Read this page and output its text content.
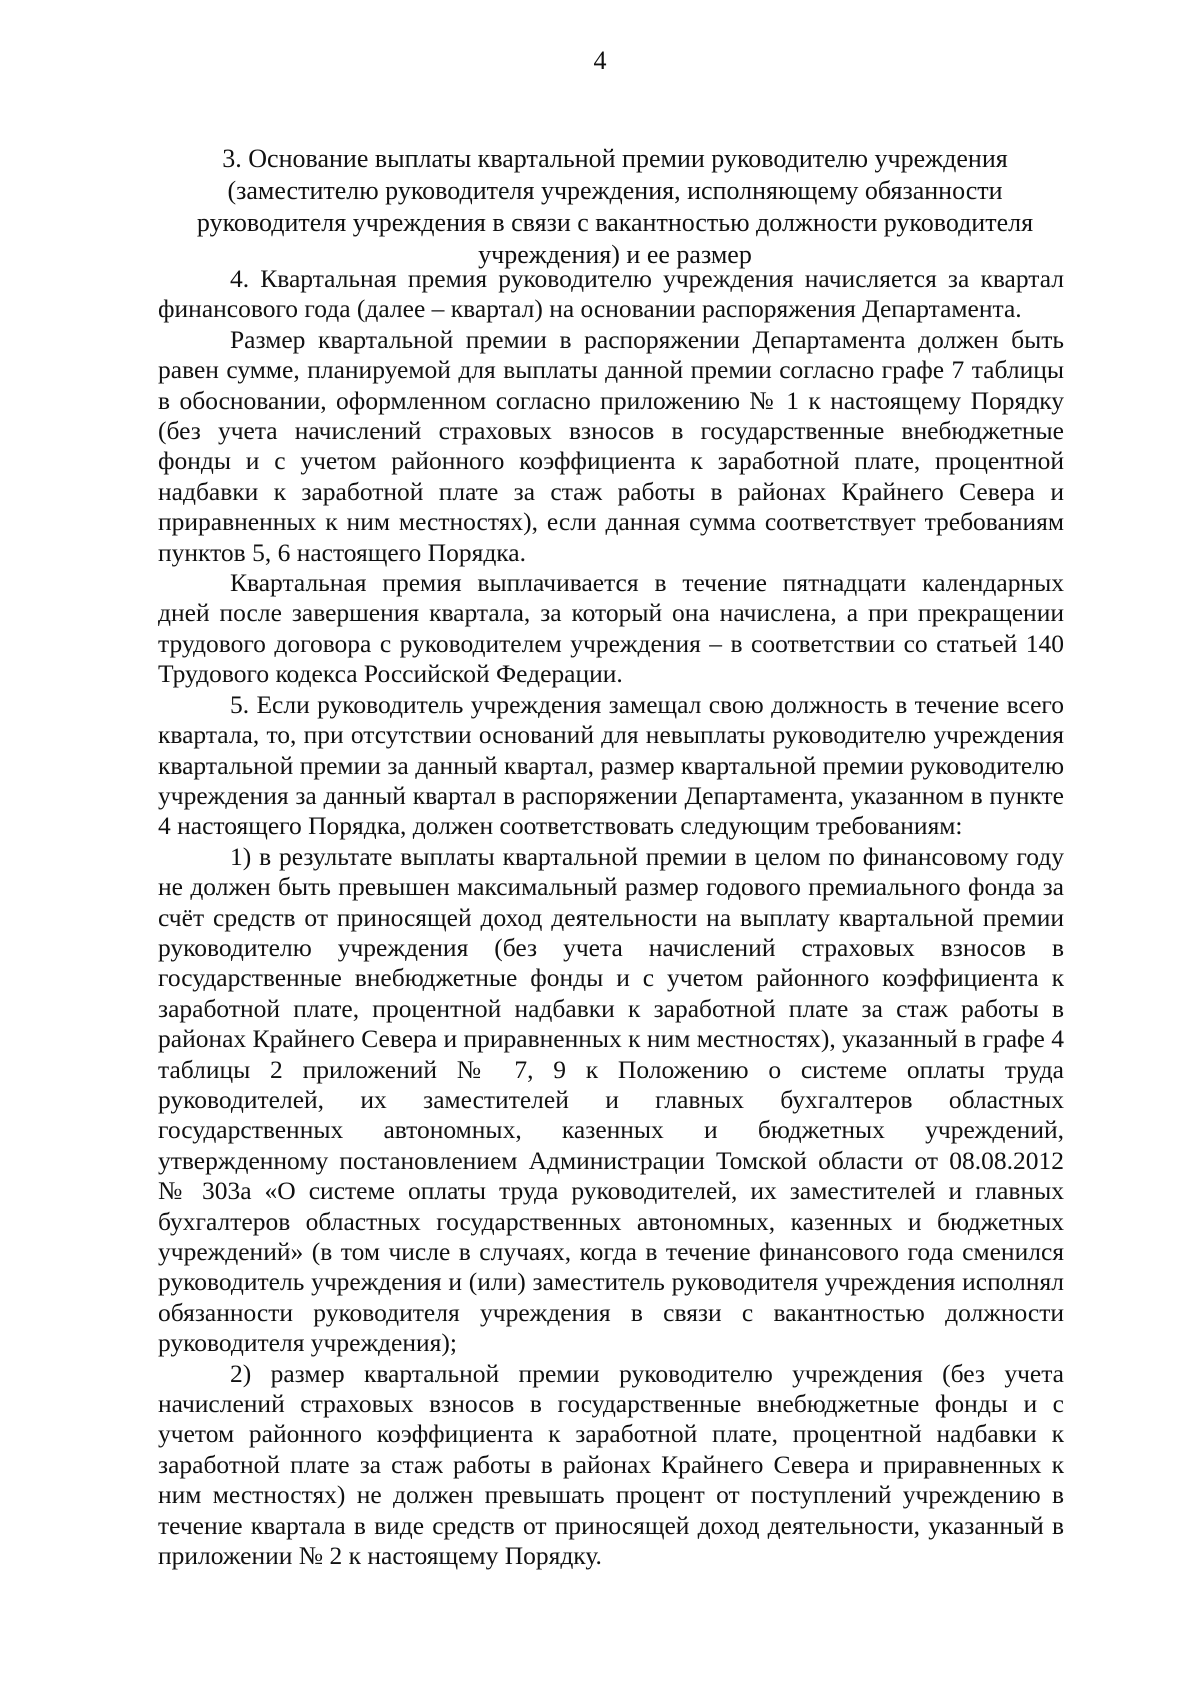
4
3. Основание выплаты квартальной премии руководителю учреждения (заместителю руководителя учреждения, исполняющему обязанности руководителя учреждения в связи с вакантностью должности руководителя учреждения) и ее размер

4. Квартальная премия руководителю учреждения начисляется за квартал финансового года (далее – квартал) на основании распоряжения Департамента.

Размер квартальной премии в распоряжении Департамента должен быть равен сумме, планируемой для выплаты данной премии согласно графе 7 таблицы в обосновании, оформленном согласно приложению № 1 к настоящему Порядку (без учета начислений страховых взносов в государственные внебюджетные фонды и с учетом районного коэффициента к заработной плате, процентной надбавки к заработной плате за стаж работы в районах Крайнего Севера и приравненных к ним местностях), если данная сумма соответствует требованиям пунктов 5, 6 настоящего Порядка.

Квартальная премия выплачивается в течение пятнадцати календарных дней после завершения квартала, за который она начислена, а при прекращении трудового договора с руководителем учреждения – в соответствии со статьей 140 Трудового кодекса Российской Федерации.

5. Если руководитель учреждения замещал свою должность в течение всего квартала, то, при отсутствии оснований для невыплаты руководителю учреждения квартальной премии за данный квартал, размер квартальной премии руководителю учреждения за данный квартал в распоряжении Департамента, указанном в пункте 4 настоящего Порядка, должен соответствовать следующим требованиям:

1) в результате выплаты квартальной премии в целом по финансовому году не должен быть превышен максимальный размер годового премиального фонда за счёт средств от приносящей доход деятельности на выплату квартальной премии руководителю учреждения (без учета начислений страховых взносов в государственные внебюджетные фонды и с учетом районного коэффициента к заработной плате, процентной надбавки к заработной плате за стаж работы в районах Крайнего Севера и приравненных к ним местностях), указанный в графе 4 таблицы 2 приложений № 7, 9 к Положению о системе оплаты труда руководителей, их заместителей и главных бухгалтеров областных государственных автономных, казенных и бюджетных учреждений, утвержденному постановлением Администрации Томской области от 08.08.2012 № 303а «О системе оплаты труда руководителей, их заместителей и главных бухгалтеров областных государственных автономных, казенных и бюджетных учреждений» (в том числе в случаях, когда в течение финансового года сменился руководитель учреждения и (или) заместитель руководителя учреждения исполнял обязанности руководителя учреждения в связи с вакантностью должности руководителя учреждения);

2) размер квартальной премии руководителю учреждения (без учета начислений страховых взносов в государственные внебюджетные фонды и с учетом районного коэффициента к заработной плате, процентной надбавки к заработной плате за стаж работы в районах Крайнего Севера и приравненных к ним местностях) не должен превышать процент от поступлений учреждению в течение квартала в виде средств от приносящей доход деятельности, указанный в приложении № 2 к настоящему Порядку.
